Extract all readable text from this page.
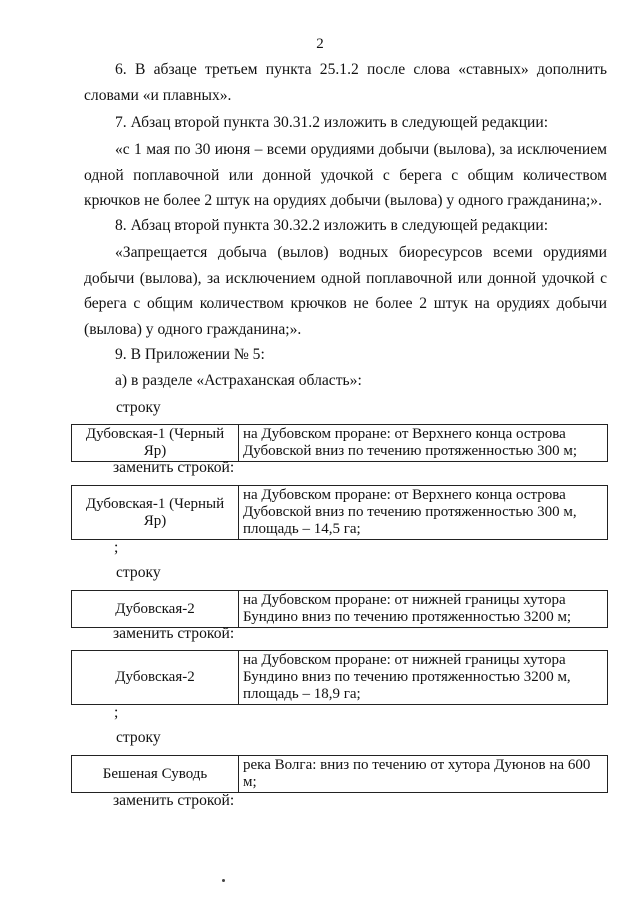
2
6. В абзаце третьем пункта 25.1.2 после слова «ставных» дополнить словами «и плавных».
7. Абзац второй пункта 30.31.2 изложить в следующей редакции:
«с 1 мая по 30 июня – всеми орудиями добычи (вылова), за исключением одной поплавочной или донной удочкой с берега с общим количеством крючков не более 2 штук на орудиях добычи (вылова) у одного гражданина;».
8. Абзац второй пункта 30.32.2 изложить в следующей редакции:
«Запрещается добыча (вылов) водных биоресурсов всеми орудиями добычи (вылова), за исключением одной поплавочной или донной удочкой с берега с общим количеством крючков не более 2 штук на орудиях добычи (вылова) у одного гражданина;».
9. В Приложении № 5:
а) в разделе «Астраханская область»:
строку
Дубовская-1 (Черный Яр)	на Дубовском проране: от Верхнего конца острова Дубовской вниз по течению протяженностью 300 м;
заменить строкой:
Дубовская-1 (Черный Яр)	на Дубовском проране: от Верхнего конца острова Дубовской вниз по течению протяженностью 300 м, площадь – 14,5 га;
;
строку
Дубовская-2	на Дубовском проране: от нижней границы хутора Бундино вниз по течению протяженностью 3200 м;
заменить строкой:
Дубовская-2	на Дубовском проране: от нижней границы хутора Бундино вниз по течению протяженностью 3200 м, площадь – 18,9 га;
;
строку
Бешеная Суводь	река Волга: вниз по течению от хутора Дуюнов на 600 м;
заменить строкой:
